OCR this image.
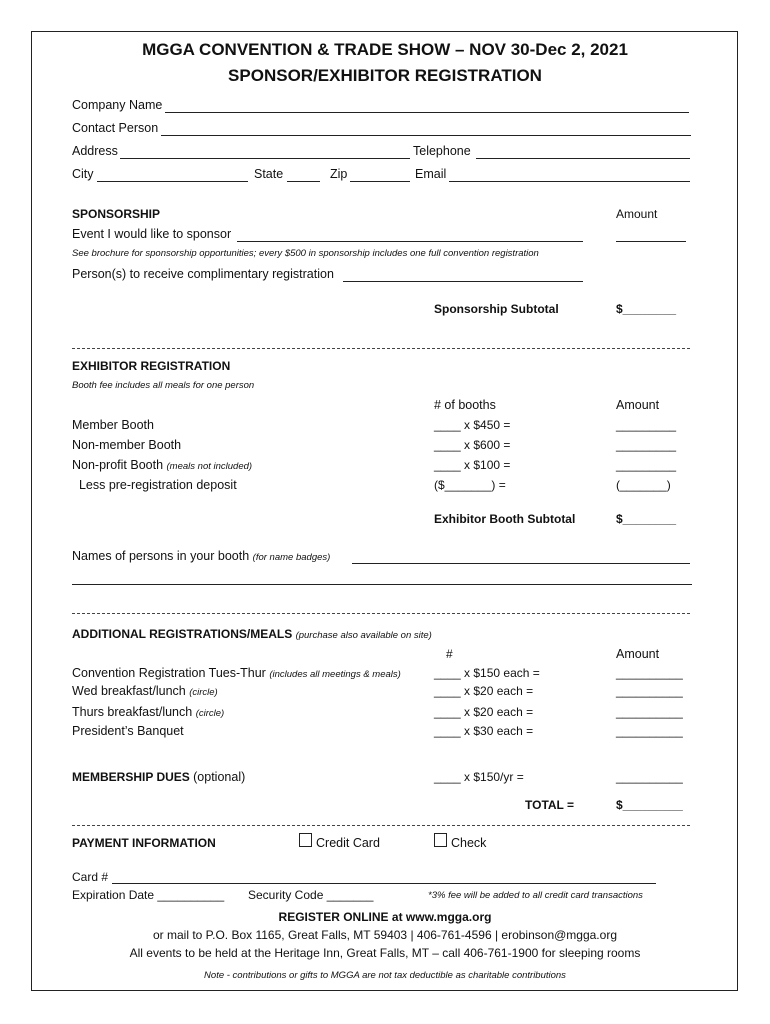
MGGA CONVENTION & TRADE SHOW – NOV 30-Dec 2, 2021
SPONSOR/EXHIBITOR REGISTRATION
Company Name
Contact Person
Address	Telephone
City	State	Zip	Email
SPONSORSHIP	Amount
Event I would like to sponsor
See brochure for sponsorship opportunities; every $500 in sponsorship includes one full convention registration
Person(s) to receive complimentary registration
Sponsorship Subtotal	$________
EXHIBITOR REGISTRATION
Booth fee includes all meals for one person
# of booths	Amount
Member Booth	____ x $450 =	_________
Non-member Booth	____ x $600 =	_________
Non-profit Booth (meals not included)	____ x $100 =	_________
Less pre-registration deposit	($_______) =	(_______)
Exhibitor Booth Subtotal	$________
Names of persons in your booth (for name badges)
ADDITIONAL REGISTRATIONS/MEALS (purchase also available on site)
#	Amount
Convention Registration Tues-Thur (includes all meetings & meals)	____ x $150 each =	__________
Wed breakfast/lunch (circle)	____ x $20 each =	__________
Thurs breakfast/lunch (circle)	____ x $20 each =	__________
President’s Banquet	____ x $30 each =	__________
MEMBERSHIP DUES (optional)	____ x $150/yr =	__________
TOTAL =	$_________
PAYMENT INFORMATION	Credit Card	Check
Card #
Expiration Date __________ Security Code _______	*3% fee will be added to all credit card transactions
REGISTER ONLINE at www.mgga.org
or mail to P.O. Box 1165, Great Falls, MT 59403 | 406-761-4596 | erobinson@mgga.org
All events to be held at the Heritage Inn, Great Falls, MT – call 406-761-1900 for sleeping rooms
Note - contributions or gifts to MGGA are not tax deductible as charitable contributions
